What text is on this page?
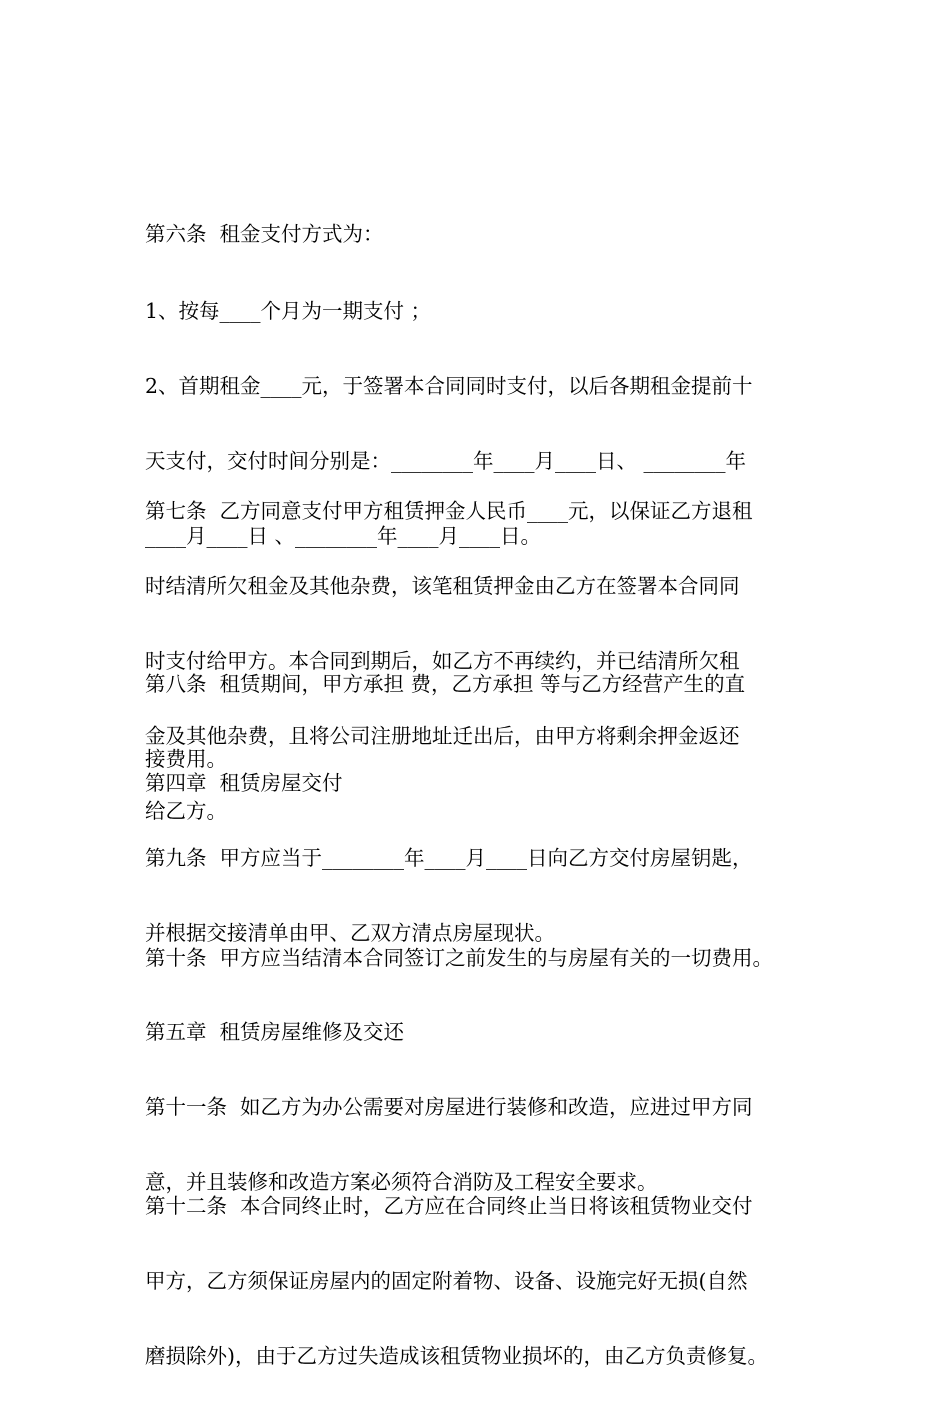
第六条  租金支付方式为：

1、按每____个月为一期支付 ；

2、首期租金____元，于签署本合同同时支付，以后各期租金提前十

天支付，交付时间分别是：________年____月____日、 ________年

____月____日 、________年____月____日。

第七条  乙方同意支付甲方租赁押金人民币____元，以保证乙方退租

时结清所欠租金及其他杂费，该笔租赁押金由乙方在签署本合同同

时支付给甲方。本合同到期后，如乙方不再续约，并已结清所欠租

金及其他杂费，且将公司注册地址迁出后，由甲方将剩余押金返还

给乙方。

第八条  租赁期间，甲方承担 费，乙方承担 等与乙方经营产生的直

接费用。

第四章  租赁房屋交付

第九条  甲方应当于________年____月____日向乙方交付房屋钥匙，

并根据交接清单由甲、乙双方清点房屋现状。

第十条  甲方应当结清本合同签订之前发生的与房屋有关的一切费用。

第五章  租赁房屋维修及交还

第十一条  如乙方为办公需要对房屋进行装修和改造，应进过甲方同

意，并且装修和改造方案必须符合消防及工程安全要求。

第十二条  本合同终止时，乙方应在合同终止当日将该租赁物业交付

甲方，乙方须保证房屋内的固定附着物、设备、设施完好无损(自然

磨损除外)，由于乙方过失造成该租赁物业损坏的，由乙方负责修复。
